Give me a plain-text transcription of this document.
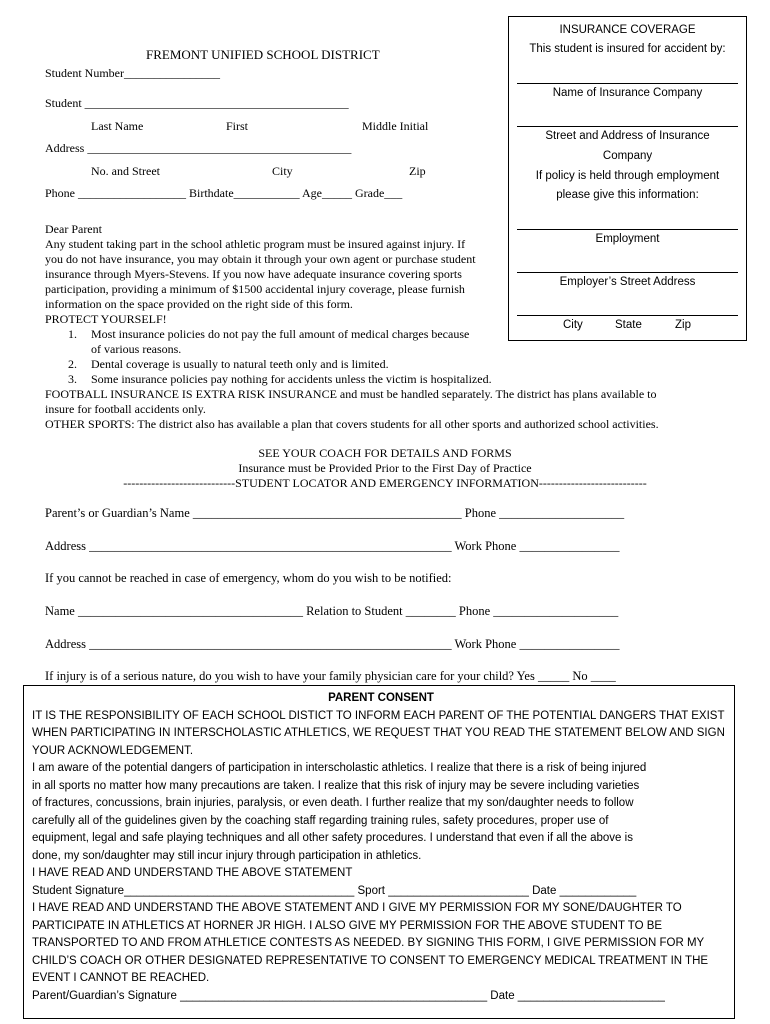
FREMONT UNIFIED SCHOOL DISTRICT
Student Number________________
Student ____________________________________________
Last Name	First	Middle Initial
Address ____________________________________________
No. and Street	City	Zip
Phone __________________ Birthdate___________ Age_____ Grade___
INSURANCE COVERAGE
This student is insured for accident by:
Name of Insurance Company
Street and Address of Insurance
Company
If policy is held through employment
please give this information:
Employment
Employer’s Street Address
City	State	Zip
Dear Parent
Any student taking part in the school athletic program must be insured against injury. If
you do not have insurance, you may obtain it through your own agent or purchase student
insurance through Myers-Stevens. If you now have adequate insurance covering sports
participation, providing a minimum of $1500 accidental injury coverage, please furnish
information on the space provided on the right side of this form.
PROTECT YOURSELF!
1. Most insurance policies do not pay the full amount of medical charges because
of various reasons.

2. Dental coverage is usually to natural teeth only and is limited.
3. Some insurance policies pay nothing for accidents unless the victim is hospitalized.
FOOTBALL INSURANCE IS EXTRA RISK INSURANCE and must be handled separately. The district has plans available to
insure for football accidents only.
OTHER SPORTS: The district also has available a plan that covers students for all other sports and authorized school activities.
SEE YOUR COACH FOR DETAILS AND FORMS
Insurance must be Provided Prior to the First Day of Practice
----------------------------STUDENT LOCATOR AND EMERGENCY INFORMATION---------------------------
Parent’s or Guardian’s Name ___________________________________________ Phone ____________________
Address __________________________________________________________ Work Phone ________________
If you cannot be reached in case of emergency, whom do you wish to be notified:
Name ____________________________________ Relation to Student ________ Phone ____________________
Address __________________________________________________________ Work Phone ________________
If injury is of a serious nature, do you wish to have your family physician care for your child? Yes _____ No ____
PARENT CONSENT
IT IS THE RESPONSIBILITY OF EACH SCHOOL DISTICT TO INFORM EACH PARENT OF THE POTENTIAL DANGERS THAT EXIST
WHEN PARTICIPATING IN INTERSCHOLASTIC ATHLETICS, WE REQUEST THAT YOU READ THE STATEMENT BELOW AND SIGN
YOUR ACKNOWLEDGEMENT.
I am aware of the potential dangers of participation in interscholastic athletics. I realize that there is a risk of being injured
in all sports no matter how many precautions are taken. I realize that this risk of injury may be severe including varieties
of fractures, concussions, brain injuries, paralysis, or even death. I further realize that my son/daughter needs to follow
carefully all of the guidelines given by the coaching staff regarding training rules, safety procedures, proper use of
equipment, legal and safe playing techniques and all other safety procedures. I understand that even if all the above is
done, my son/daughter may still incur injury through participation in athletics.
I HAVE READ AND UNDERSTAND THE ABOVE STATEMENT
Student Signature____________________________________ Sport ______________________ Date ____________
I HAVE READ AND UNDERSTAND THE ABOVE STATEMENT AND I GIVE MY PERMISSION FOR MY SONE/DAUGHTER TO
PARTICIPATE IN ATHLETICS AT HORNER JR HIGH. I ALSO GIVE MY PERMISSION FOR THE ABOVE STUDENT TO BE
TRANSPORTED TO AND FROM ATHLETICE CONTESTS AS NEEDED. BY SIGNING THIS FORM, I GIVE PERMISSION FOR MY
CHILD’S COACH OR OTHER DESIGNATED REPRESENTATIVE TO CONSENT TO EMERGENCY MEDICAL TREATMENT IN THE
EVENT I CANNOT BE REACHED.
Parent/Guardian’s Signature ________________________________________________ Date _______________________
